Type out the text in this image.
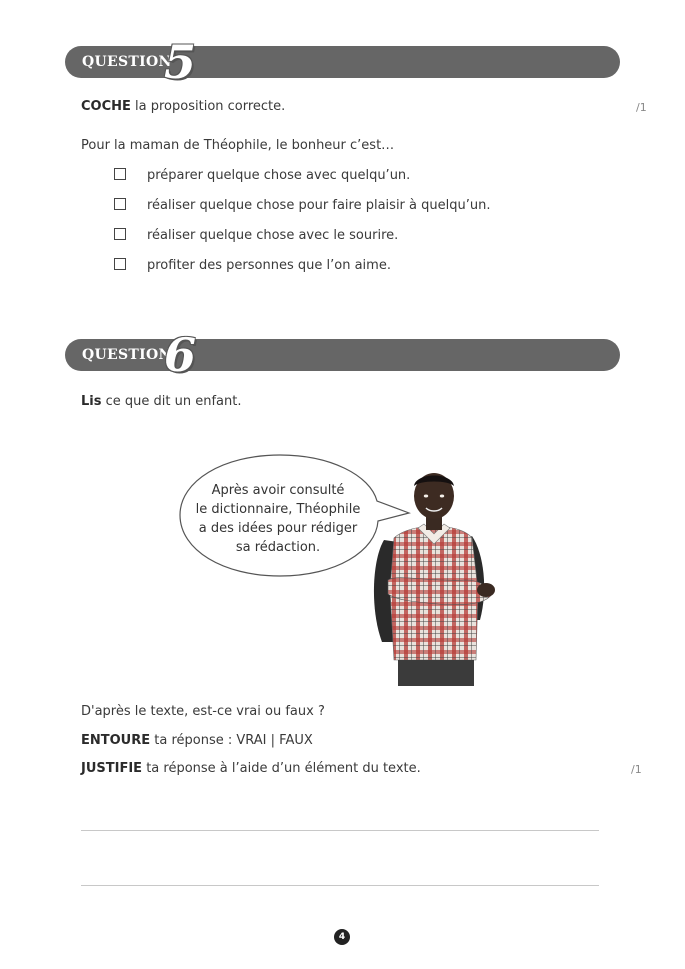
QUESTION
5
COCHE la proposition correcte.	/1
Pour la maman de Théophile, le bonheur c’est…
préparer quelque chose avec quelqu’un.
réaliser quelque chose pour faire plaisir à quelqu’un.
réaliser quelque chose avec le sourire.
profiter des personnes que l’on aime.
QUESTION
6
Lis ce que dit un enfant.
Après avoir consulté
le dictionnaire, Théophile
a des idées pour rédiger
sa rédaction.
D'après le texte, est-ce vrai ou faux ?
ENTOURE ta réponse : VRAI | FAUX
JUSTIFIE ta réponse à l’aide d’un élément du texte.	/1
4
